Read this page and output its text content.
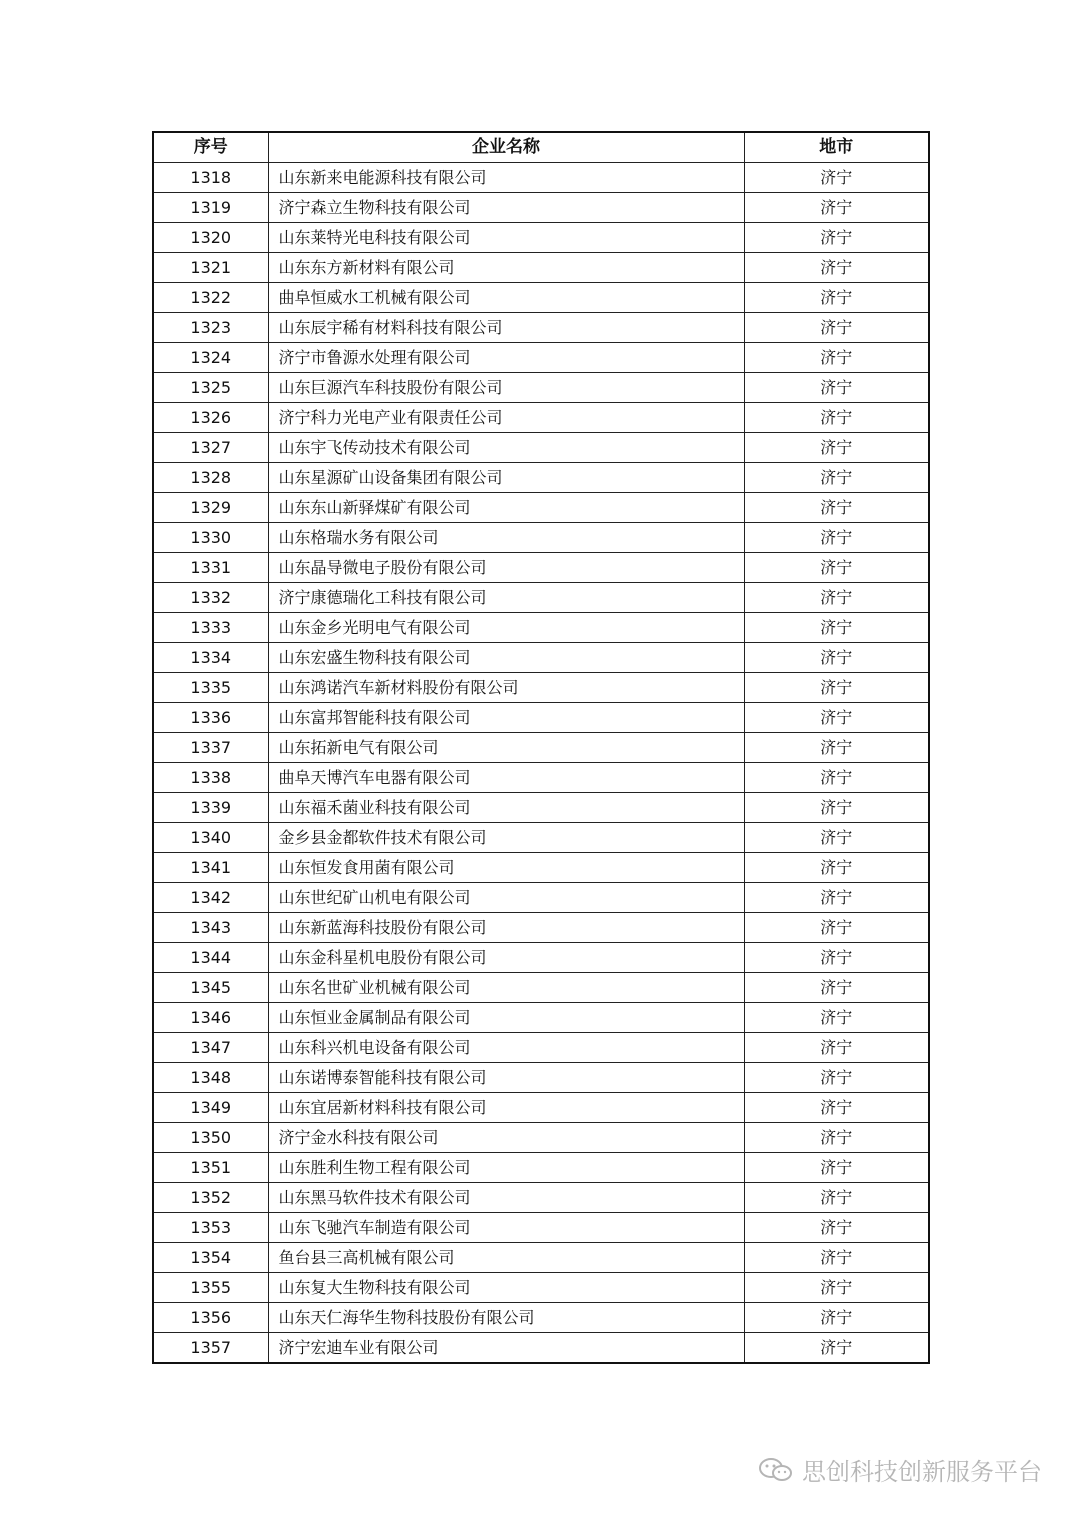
序号	企业名称	地市
1318	山东新来电能源科技有限公司	济宁
1319	济宁森立生物科技有限公司	济宁
1320	山东莱特光电科技有限公司	济宁
1321	山东东方新材料有限公司	济宁
1322	曲阜恒威水工机械有限公司	济宁
1323	山东辰宇稀有材料科技有限公司	济宁
1324	济宁市鲁源水处理有限公司	济宁
1325	山东巨源汽车科技股份有限公司	济宁
1326	济宁科力光电产业有限责任公司	济宁
1327	山东宇飞传动技术有限公司	济宁
1328	山东星源矿山设备集团有限公司	济宁
1329	山东东山新驿煤矿有限公司	济宁
1330	山东格瑞水务有限公司	济宁
1331	山东晶导微电子股份有限公司	济宁
1332	济宁康德瑞化工科技有限公司	济宁
1333	山东金乡光明电气有限公司	济宁
1334	山东宏盛生物科技有限公司	济宁
1335	山东鸿诺汽车新材料股份有限公司	济宁
1336	山东富邦智能科技有限公司	济宁
1337	山东拓新电气有限公司	济宁
1338	曲阜天博汽车电器有限公司	济宁
1339	山东福禾菌业科技有限公司	济宁
1340	金乡县金都软件技术有限公司	济宁
1341	山东恒发食用菌有限公司	济宁
1342	山东世纪矿山机电有限公司	济宁
1343	山东新蓝海科技股份有限公司	济宁
1344	山东金科星机电股份有限公司	济宁
1345	山东名世矿业机械有限公司	济宁
1346	山东恒业金属制品有限公司	济宁
1347	山东科兴机电设备有限公司	济宁
1348	山东诺博泰智能科技有限公司	济宁
1349	山东宜居新材料科技有限公司	济宁
1350	济宁金水科技有限公司	济宁
1351	山东胜利生物工程有限公司	济宁
1352	山东黑马软件技术有限公司	济宁
1353	山东飞驰汽车制造有限公司	济宁
1354	鱼台县三高机械有限公司	济宁
1355	山东复大生物科技有限公司	济宁
1356	山东天仁海华生物科技股份有限公司	济宁
1357	济宁宏迪车业有限公司	济宁
思创科技创新服务平台
